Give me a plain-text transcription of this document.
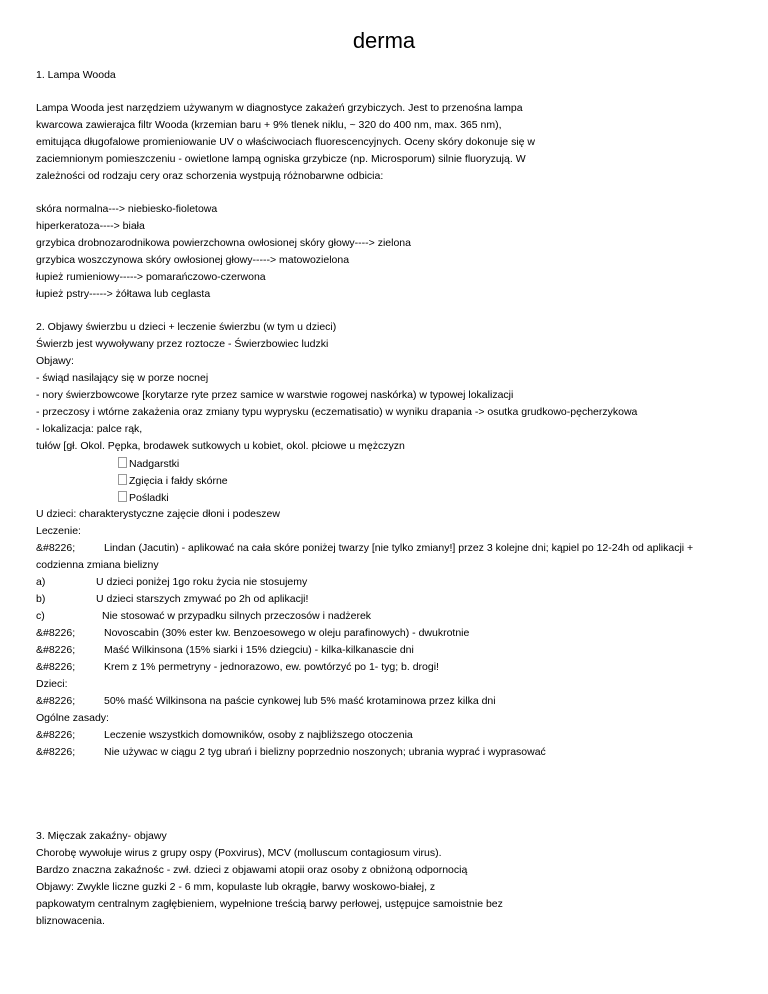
derma
1. Lampa Wooda
Lampa Wooda jest narzędziem używanym w diagnostyce zakażeń grzybiczych. Jest to przenośna lampa
kwarcowa zawierajca filtr Wooda (krzemian baru + 9% tlenek niklu, ~ 320 do 400 nm, max. 365 nm),
emitująca długofalowe promieniowanie UV o właściwociach fluorescencyjnych. Oceny skóry dokonuje się w
zaciemnionym pomieszczeniu - owietlone lampą ogniska grzybicze (np. Microsporum) silnie fluoryzują. W
zależności od rodzaju cery oraz schorzenia wystpują różnobarwne odbicia:
skóra normalna---> niebiesko-fioletowa
hiperkeratoza----> biała
grzybica drobnozarodnikowa powierzchowna owłosionej skóry głowy----> zielona
grzybica woszczynowa skóry owłosionej głowy-----> matowozielona
łupież rumieniowy-----> pomarańczowo-czerwona
łupież pstry-----> żółtawa lub ceglasta
2. Objawy świerzbu u dzieci + leczenie świerzbu (w tym u dzieci)
Świerzb jest wywoływany przez roztocze - Świerzbowiec ludzki
Objawy:
- świąd nasilający się w porze nocnej
- nory świerzbowcowe [korytarze ryte przez samice w warstwie rogowej naskórka) w typowej lokalizacji
- przeczosy i wtórne zakażenia oraz zmiany typu wyprysku (eczematisatio) w wyniku drapania -> osutka grudkowo-pęcherzykowa
- lokalizacja: palce rąk,
tułów [gł. Okol. Pępka, brodawek sutkowych u kobiet, okol. płciowe u mężczyzn
Nadgarstki
Zgięcia i fałdy skórne
Pośladki
U dzieci: charakterystyczne zajęcie dłoni i podeszew
Leczenie:
&#8226;	Lindan (Jacutin) - aplikować na cała skóre poniżej twarzy [nie tylko zmiany!] przez 3 kolejne dni; kąpiel po 12-24h od aplikacji +
codzienna zmiana bielizny
a)	U dzieci poniżej 1go roku życia nie stosujemy
b)	U dzieci starszych zmywać po 2h od aplikacji!
c)	Nie stosować w przypadku silnych przeczosów i nadżerek
&#8226;	Novoscabin (30% ester kw. Benzoesowego w oleju parafinowych) - dwukrotnie
&#8226;	Maść Wilkinsona (15% siarki i 15% dziegciu) - kilka-kilkanascie dni
&#8226;	Krem z 1% permetryny - jednorazowo, ew. powtórzyć po 1- tyg; b. drogi!
Dzieci:
&#8226;	50% maść Wilkinsona na paście cynkowej lub 5% maść krotaminowa przez kilka dni
Ogólne zasady:
&#8226;	Leczenie wszystkich domowników, osoby z najbliższego otoczenia
&#8226;	Nie używac w ciągu 2 tyg ubrań i bielizny poprzednio noszonych; ubrania wyprać i wyprasować
3. Mięczak zakaźny- objawy
Chorobę wywołuje wirus z grupy ospy (Poxvirus), MCV (molluscum contagiosum virus).
Bardzo znaczna zakaźnośc - zwł. dzieci z objawami atopii oraz osoby z obniżoną odpornocią
Objawy: Zwykle liczne guzki 2 - 6 mm, kopulaste lub okrągłe, barwy woskowo-białej, z
papkowatym centralnym zagłębieniem, wypełnione treścią barwy perłowej, ustępujce samoistnie bez
bliznowacenia.
